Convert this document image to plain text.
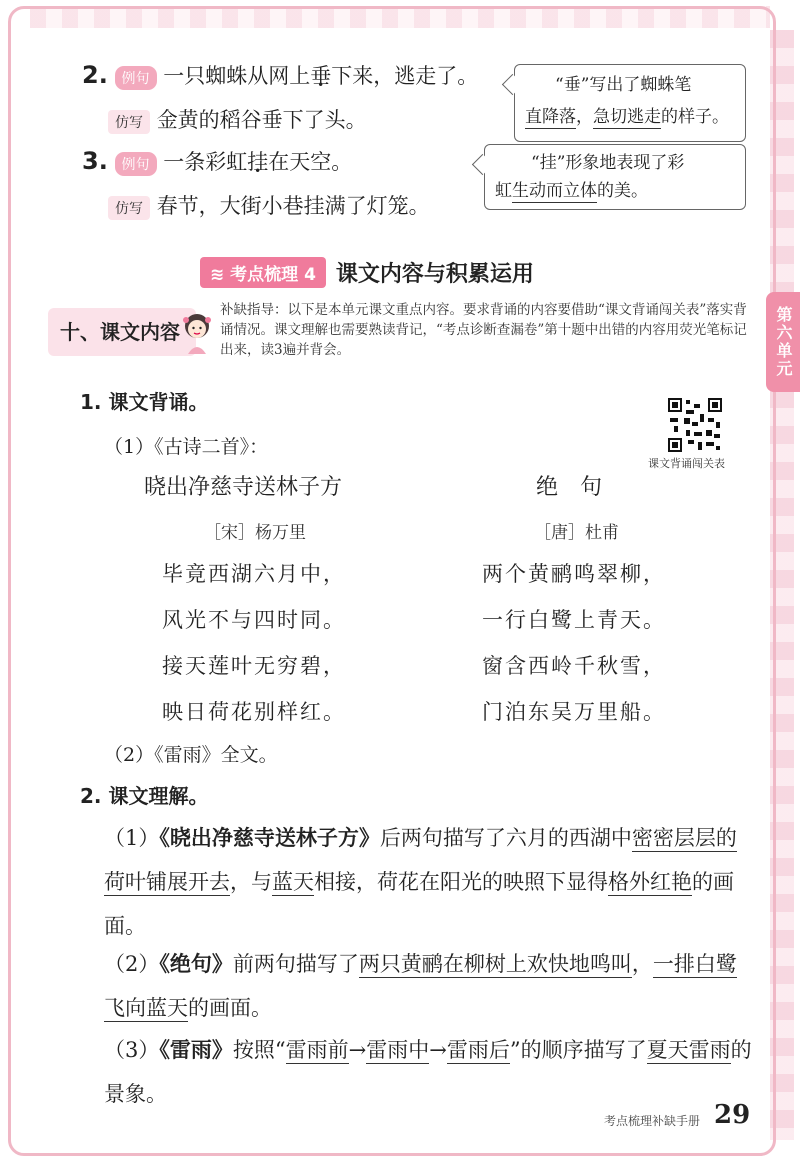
第六单元
2. 例句 一只蜘蛛从网上垂下来，逃走了。
仿写 金黄的稻谷垂下了头。
“垂”写出了蜘蛛笔
直降落，急切逃走的样子。
3. 例句 一条彩虹挂在天空。
仿写 春节，大街小巷挂满了灯笼。
“挂”形象地表现了彩
虹生动而立体的美。
≋ 考点梳理 4 课文内容与积累运用
十、课文内容
补缺指导：以下是本单元课文重点内容。要求背诵的内容要借助“课文背诵闯关表”落实背诵情况。课文理解也需要熟读背记，“考点诊断查漏卷”第十题中出错的内容用荧光笔标记出来，读3遍并背会。
1. 课文背诵。
（1）《古诗二首》：
课文背诵闯关表
晓出净慈寺送林子方
［宋］杨万里
毕竟西湖六月中，
风光不与四时同。
接天莲叶无穷碧，
映日荷花别样红。
绝　句
［唐］杜甫
两个黄鹂鸣翠柳，
一行白鹭上青天。
窗含西岭千秋雪，
门泊东吴万里船。
（2）《雷雨》全文。
2. 课文理解。
（1）《晓出净慈寺送林子方》后两句描写了六月的西湖中密密层层的荷叶铺展开去，与蓝天相接，荷花在阳光的映照下显得格外红艳的画面。
（2）《绝句》前两句描写了两只黄鹂在柳树上欢快地鸣叫，一排白鹭飞向蓝天的画面。
（3）《雷雨》按照“雷雨前→雷雨中→雷雨后”的顺序描写了夏天雷雨的景象。
考点梳理补缺手册 29
